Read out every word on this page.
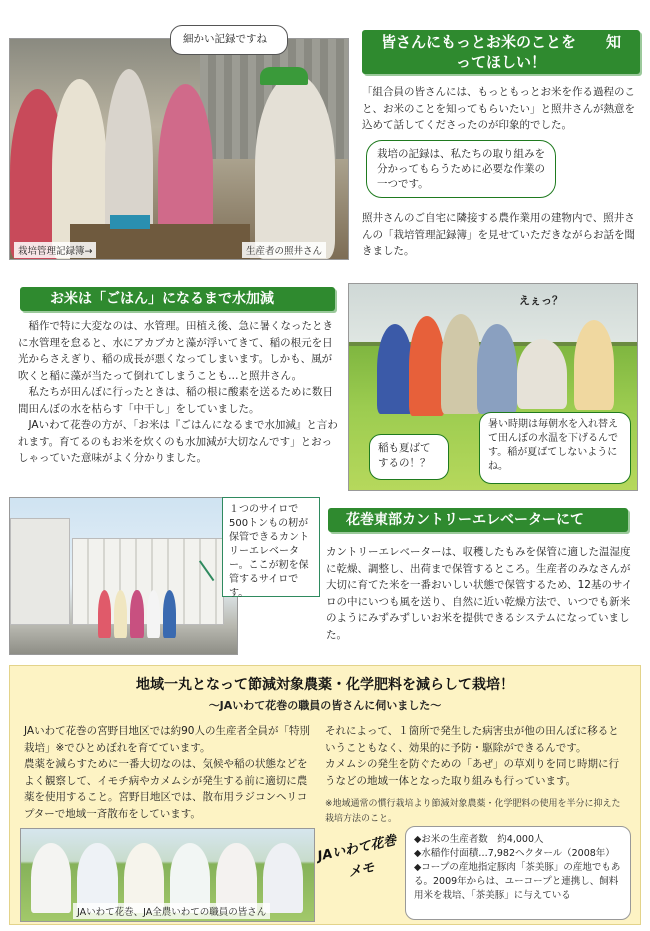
栽培管理記録簿→	生産者の照井さん
細かい記録ですね	皆さんにもっとお米のことを　　知ってほしい！
「組合員の皆さんには、もっともっとお米を作る過程のこと、お米のことを知ってもらいたい」と照井さんが熱意を込めて話してくださったのが印象的でした。
栽培の記録は、私たちの取り組みを分かってもらうために必要な作業の一つです。
照井さんのご自宅に隣接する農作業用の建物内で、照井さんの「栽培管理記録簿」を見せていただきながらお話を聞きました。
お米は「ごはん」になるまで水加減
　稲作で特に大変なのは、水管理。田植え後、急に暑くなったときに水管理を怠ると、水にアカブカと藻が浮いてきて、稲の根元を日光からさえぎり、稲の成長が悪くなってしまいます。しかも、風が吹くと稲に藻が当たって倒れてしまうことも…と照井さん。
　私たちが田んぼに行ったときは、稲の根に酸素を送るために数日間田んぼの水を枯らす「中干し」をしていました。
　JAいわて花巻の方が、「お米は『ごはんになるまで水加減』と言われます。育てるのもお米を炊くのも水加減が大切なんです」とおっしゃっていた意味がよく分かりました。
えぇっ？
稲も夏ばてするの！？
暑い時期は毎朝水を入れ替えて田んぼの水温を下げるんです。稲が夏ばてしないようにね。
１つのサイロで500トンもの籾が保管できるカントリーエレベーター。ここが籾を保管するサイロです。
花巻東部カントリーエレベーターにて
カントリーエレベーターは、収穫したもみを保管に適した温湿度に乾燥、調整し、出荷まで保管するところ。生産者のみなさんが大切に育てた米を一番おいしい状態で保管するため、12基のサイロの中にいつも風を送り、自然に近い乾燥方法で、いつでも新米のようにみずみずしいお米を提供できるシステムになっていました。
地域一丸となって節減対象農薬・化学肥料を減らして栽培！
～JAいわて花巻の職員の皆さんに伺いました～
JAいわて花巻の宮野目地区では約90人の生産者全員が「特別栽培」※でひとめぼれを育てています。
農薬を減らすために一番大切なのは、気候や稲の状態などをよく観察して、イモチ病やカメムシが発生する前に適切に農薬を使用すること。宮野目地区では、散布用ラジコンヘリコプターで地域一斉散布をしています。
それによって、１箇所で発生した病害虫が他の田んぼに移るということもなく、効果的に予防・駆除ができるんです。
カメムシの発生を防ぐための「あぜ」の草刈りを同じ時期に行うなどの地域一体となった取り組みも行っています。
※地域通常の慣行栽培より節減対象農薬・化学肥料の使用を半分に抑えた栽培方法のこと。
JAいわて花巻、JA全農いわての職員の皆さん
JAいわて花巻メモ
◆お米の生産者数　約4,000人
◆水稲作付面積…7,982ヘクタール（2008年）
◆コープの産地指定豚肉「茶美豚」の産地でもある。2009年からは、ユーコープと連携し、飼料用米を栽培、「茶美豚」に与えている
